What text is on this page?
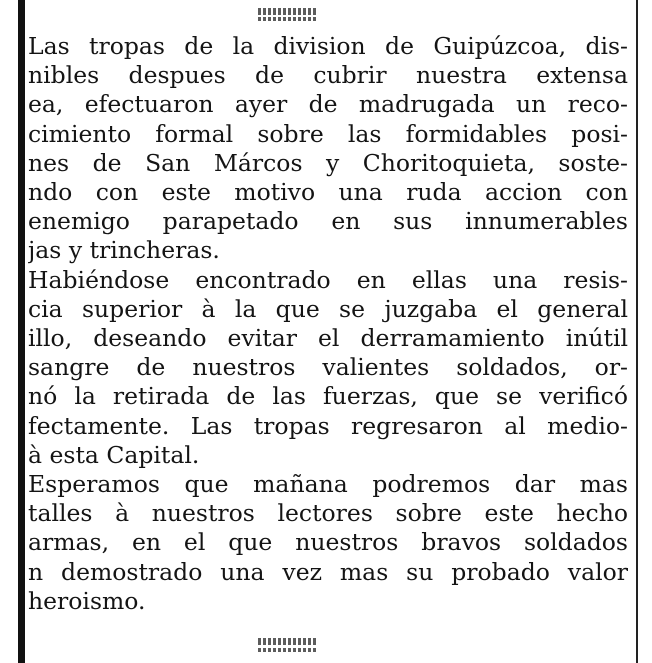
Las tropas de la division de Guipúzcoa, dis-
nibles despues de cubrir nuestra extensa
ea, efectuaron ayer de madrugada un reco-
cimiento formal sobre las formidables posi-
nes de San Márcos y Choritoquieta, soste-
ndo con este motivo una ruda accion con
enemigo parapetado en sus innumerables
jas y trincheras.
Habiéndose encontrado en ellas una resis-
cia superior à la que se juzgaba el general
illo, deseando evitar el derramamiento inútil
sangre de nuestros valientes soldados, or-
nó la retirada de las fuerzas, que se verificó
fectamente. Las tropas regresaron al medio-
à esta Capital.
Esperamos que mañana podremos dar mas
talles à nuestros lectores sobre este hecho
armas, en el que nuestros bravos soldados
n demostrado una vez mas su probado valor
heroismo.
